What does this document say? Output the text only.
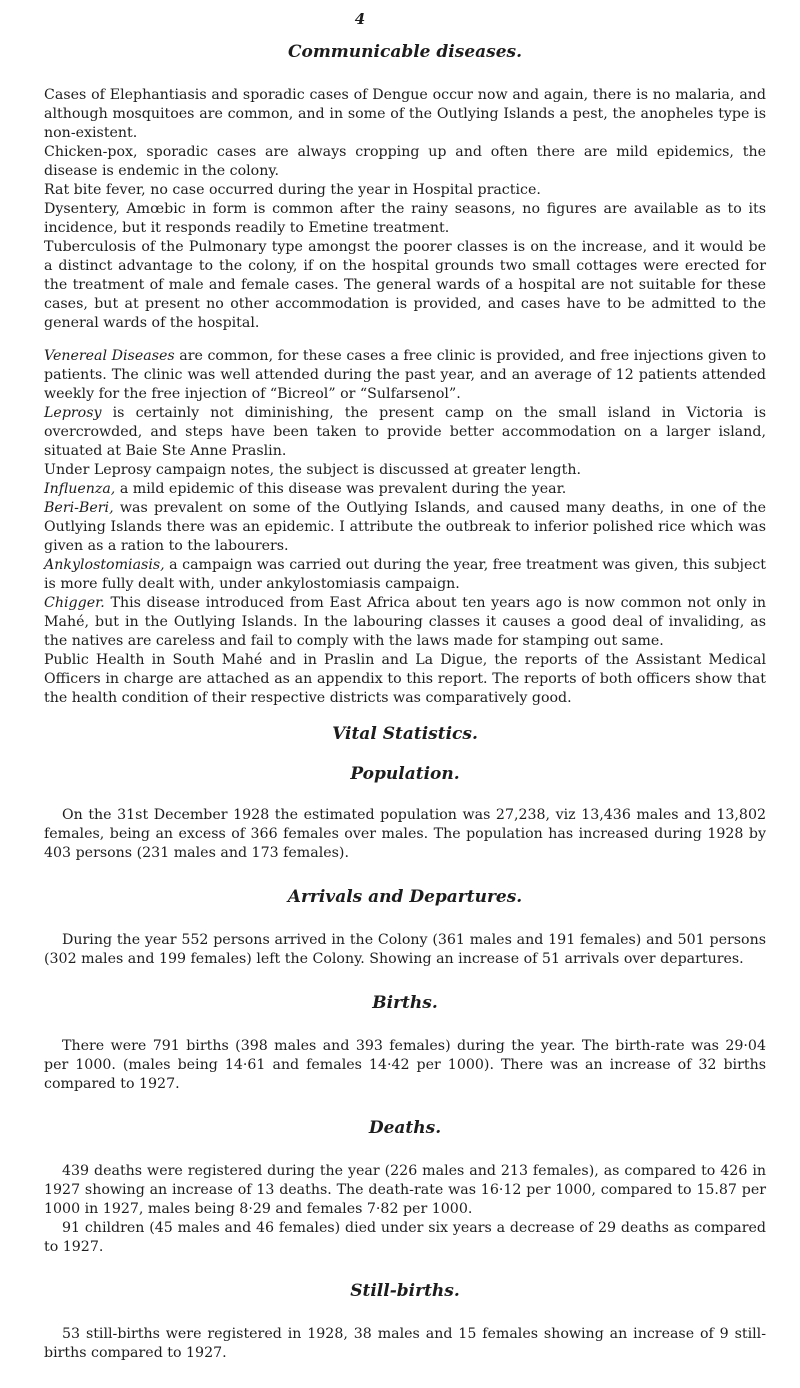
4
Communicable diseases.

Cases of Elephantiasis and sporadic cases of Dengue occur now and again, there is no malaria, and although mosquitoes are common, and in some of the Outlying Islands a pest, the anopheles type is non-existent.

Chicken-pox, sporadic cases are always cropping up and often there are mild epidemics, the disease is endemic in the colony.

Rat bite fever, no case occurred during the year in Hospital practice.

Dysentery, Amœbic in form is common after the rainy seasons, no figures are available as to its incidence, but it responds readily to Emetine treatment.

Tuberculosis of the Pulmonary type amongst the poorer classes is on the increase, and it would be a distinct advantage to the colony, if on the hospital grounds two small cottages were erected for the treatment of male and female cases. The general wards of a hospital are not suitable for these cases, but at present no other accommodation is provided, and cases have to be admitted to the general wards of the hospital.

Venereal Diseases are common, for these cases a free clinic is provided, and free injections given to patients. The clinic was well attended during the past year, and an average of 12 patients attended weekly for the free injection of “Bicreol” or “Sulfarsenol”.

Leprosy is certainly not diminishing, the present camp on the small island in Victoria is overcrowded, and steps have been taken to provide better accommodation on a larger island, situated at Baie Ste Anne Praslin.

Under Leprosy campaign notes, the subject is discussed at greater length.

Influenza, a mild epidemic of this disease was prevalent during the year.

Beri-Beri, was prevalent on some of the Outlying Islands, and caused many deaths, in one of the Outlying Islands there was an epidemic. I attribute the outbreak to inferior polished rice which was given as a ration to the labourers.

Ankylostomiasis, a campaign was carried out during the year, free treatment was given, this subject is more fully dealt with, under ankylostomiasis campaign.

Chigger. This disease introduced from East Africa about ten years ago is now common not only in Mahé, but in the Outlying Islands. In the labouring classes it causes a good deal of invaliding, as the natives are careless and fail to comply with the laws made for stamping out same.

Public Health in South Mahé and in Praslin and La Digue, the reports of the Assistant Medical Officers in charge are attached as an appendix to this report. The reports of both officers show that the health condition of their respective districts was comparatively good.

Vital Statistics.
Population.

On the 31st December 1928 the estimated population was 27,238, viz 13,436 males and 13,802 females, being an excess of 366 females over males. The population has increased during 1928 by 403 persons (231 males and 173 females).

Arrivals and Departures.

During the year 552 persons arrived in the Colony (361 males and 191 females) and 501 persons (302 males and 199 females) left the Colony. Showing an increase of 51 arrivals over departures.

Births.

There were 791 births (398 males and 393 females) during the year. The birth-rate was 29·04 per 1000. (males being 14·61 and females 14·42 per 1000). There was an increase of 32 births compared to 1927.

Deaths.

439 deaths were registered during the year (226 males and 213 females), as compared to 426 in 1927 showing an increase of 13 deaths. The death-rate was 16·12 per 1000, compared to 15.87 per 1000 in 1927, males being 8·29 and females 7·82 per 1000.

91 children (45 males and 46 females) died under six years a decrease of 29 deaths as compared to 1927.

Still-births.

53 still-births were registered in 1928, 38 males and 15 females showing an increase of 9 still-births compared to 1927.
